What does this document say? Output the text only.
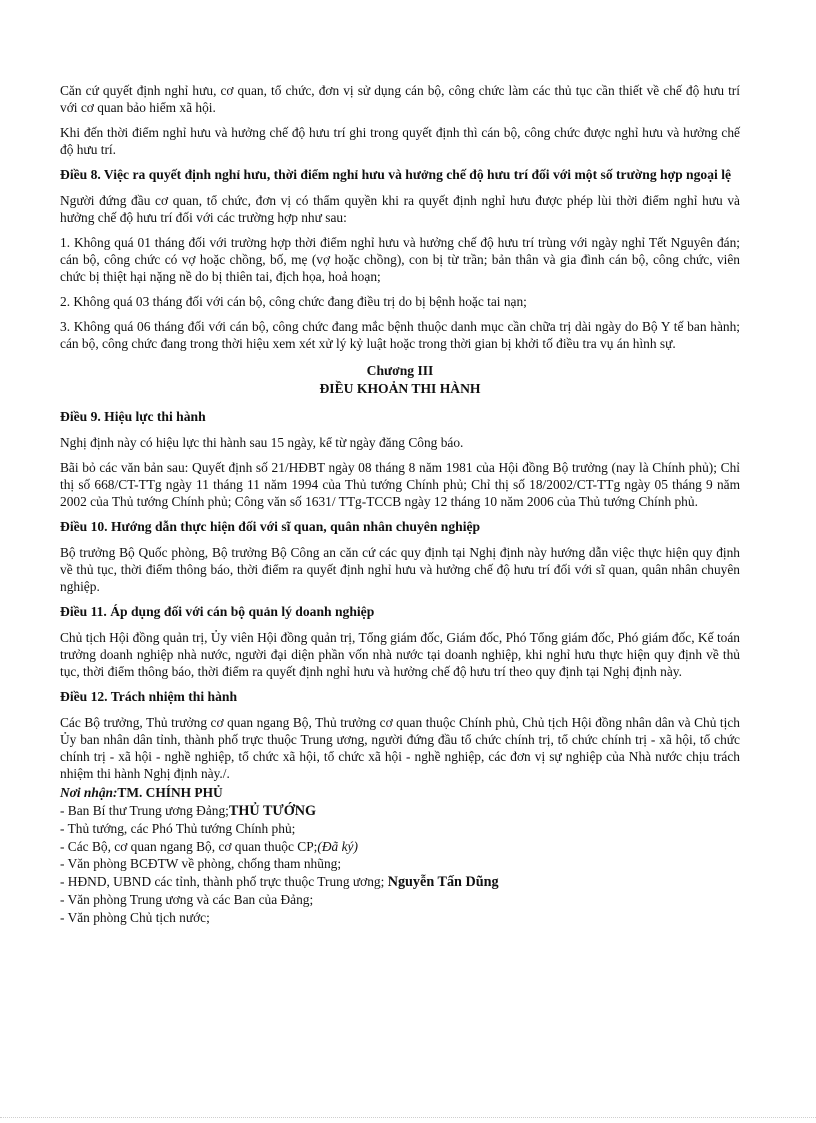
Căn cứ quyết định nghỉ hưu, cơ quan, tổ chức, đơn vị sử dụng cán bộ, công chức làm các thủ tục cần thiết về chế độ hưu trí với cơ quan bảo hiểm xã hội.

Khi đến thời điểm nghỉ hưu và hưởng chế độ hưu trí ghi trong quyết định thì cán bộ, công chức được nghỉ hưu và hưởng chế độ hưu trí.

Điều 8. Việc ra quyết định nghỉ hưu, thời điểm nghỉ hưu và hưởng chế độ hưu trí đối với một số trường hợp ngoại lệ

Người đứng đầu cơ quan, tổ chức, đơn vị có thẩm quyền khi ra quyết định nghỉ hưu được phép lùi thời điểm nghỉ hưu và hưởng chế độ hưu trí đối với các trường hợp như sau:

1. Không quá 01 tháng đối với trường hợp thời điểm nghỉ hưu và hưởng chế độ hưu trí trùng với ngày nghỉ Tết Nguyên đán; cán bộ, công chức có vợ hoặc chồng, bố, mẹ (vợ hoặc chồng), con bị từ trần; bản thân và gia đình cán bộ, công chức, viên chức bị thiệt hại nặng nề do bị thiên tai, địch họa, hoả hoạn;

2. Không quá 03 tháng đối với cán bộ, công chức đang điều trị do bị bệnh hoặc tai nạn;

3. Không quá 06 tháng đối với cán bộ, công chức đang mắc bệnh thuộc danh mục cần chữa trị dài ngày do Bộ Y tế ban hành; cán bộ, công chức đang trong thời hiệu xem xét xử lý kỷ luật hoặc trong thời gian bị khởi tố điều tra vụ án hình sự.

Chương III
ĐIỀU KHOẢN THI HÀNH
Điều 9. Hiệu lực thi hành

Nghị định này có hiệu lực thi hành sau 15 ngày, kể từ ngày đăng Công báo.

Bãi bỏ các văn bản sau: Quyết định số 21/HĐBT ngày 08 tháng 8 năm 1981 của Hội đồng Bộ trưởng (nay là Chính phủ); Chỉ thị số 668/CT-TTg ngày 11 tháng 11 năm 1994 của Thủ tướng Chính phủ; Chỉ thị số 18/2002/CT-TTg ngày 05 tháng 9 năm 2002 của Thủ tướng Chính phủ; Công văn số 1631/ TTg-TCCB ngày 12 tháng 10 năm 2006 của Thủ tướng Chính phủ.

Điều 10. Hướng dẫn thực hiện đối với sĩ quan, quân nhân chuyên nghiệp

Bộ trưởng Bộ Quốc phòng, Bộ trưởng Bộ Công an căn cứ các quy định tại Nghị định này hướng dẫn việc thực hiện quy định về thủ tục, thời điểm thông báo, thời điểm ra quyết định nghỉ hưu và hưởng chế độ hưu trí đối với sĩ quan, quân nhân chuyên nghiệp.

Điều 11. Áp dụng đối với cán bộ quản lý doanh nghiệp

Chủ tịch Hội đồng quản trị, Ủy viên Hội đồng quản trị, Tổng giám đốc, Giám đốc, Phó Tổng giám đốc, Phó giám đốc, Kế toán trưởng doanh nghiệp nhà nước, người đại diện phần vốn nhà nước tại doanh nghiệp, khi nghỉ hưu thực hiện quy định về thủ tục, thời điểm thông báo, thời điểm ra quyết định nghỉ hưu và hưởng chế độ hưu trí theo quy định tại Nghị định này.

Điều 12. Trách nhiệm thi hành

Các Bộ trưởng, Thủ trưởng cơ quan ngang Bộ, Thủ trưởng cơ quan thuộc Chính phủ, Chủ tịch Hội đồng nhân dân và Chủ tịch Ủy ban nhân dân tỉnh, thành phố trực thuộc Trung ương, người đứng đầu tổ chức chính trị, tổ chức chính trị - xã hội, tổ chức chính trị - xã hội - nghề nghiệp, tổ chức xã hội, tổ chức xã hội - nghề nghiệp, các đơn vị sự nghiệp của Nhà nước chịu trách nhiệm thi hành Nghị định này./.

Nơi nhận:TM. CHÍNH PHỦ
- Ban Bí thư Trung ương Đảng;THỦ TƯỚNG
- Thủ tướng, các Phó Thủ tướng Chính phủ;
- Các Bộ, cơ quan ngang Bộ, cơ quan thuộc CP;(Đã ký)
- Văn phòng BCĐTW về phòng, chống tham nhũng;
- HĐND, UBND các tỉnh, thành phố trực thuộc Trung ương; Nguyễn Tấn Dũng
- Văn phòng Trung ương và các Ban của Đảng;
- Văn phòng Chủ tịch nước;
